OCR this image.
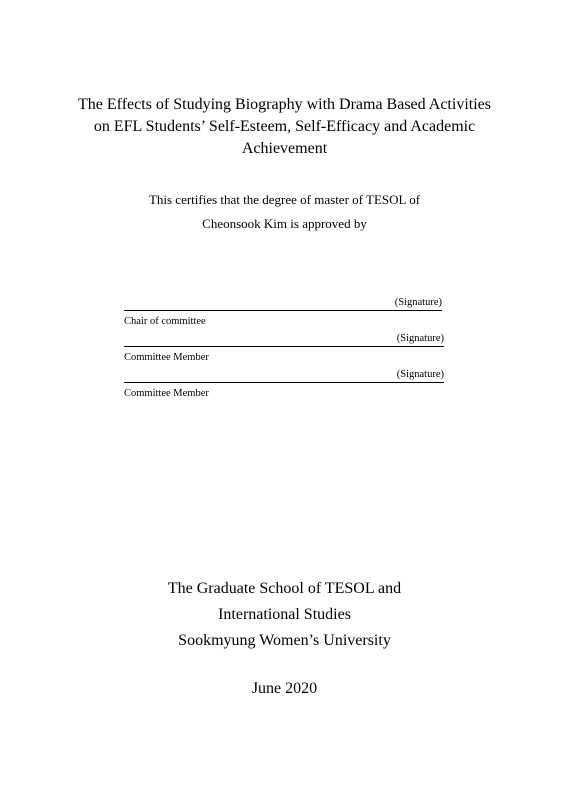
The Effects of Studying Biography with Drama Based Activities
on EFL Students’ Self-Esteem, Self-Efficacy and Academic
Achievement
This certifies that the degree of master of TESOL of
Cheonsook Kim is approved by
(Signature)
Chair of committee
(Signature)
Committee Member
(Signature)
Committee Member
The Graduate School of TESOL and
International Studies
Sookmyung Women’s University
June 2020
